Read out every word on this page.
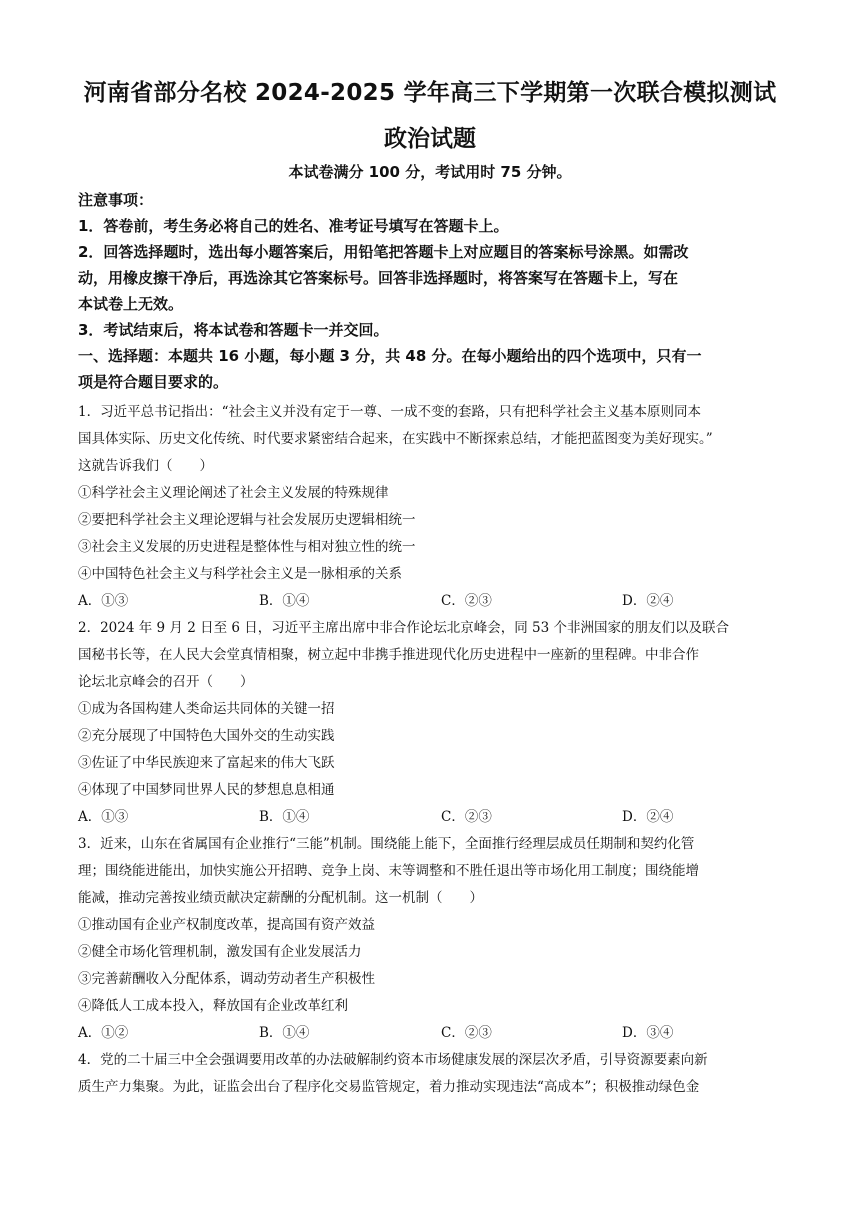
河南省部分名校 2024-2025 学年高三下学期第一次联合模拟测试
政治试题
本试卷满分 100 分，考试用时 75 分钟。
注意事项：
1．答卷前，考生务必将自己的姓名、准考证号填写在答题卡上。
2．回答选择题时，选出每小题答案后，用铅笔把答题卡上对应题目的答案标号涂黑。如需改
动，用橡皮擦干净后，再选涂其它答案标号。回答非选择题时，将答案写在答题卡上，写在
本试卷上无效。
3．考试结束后，将本试卷和答题卡一并交回。
一、选择题：本题共 16 小题，每小题 3 分，共 48 分。在每小题给出的四个选项中，只有一
项是符合题目要求的。
1．习近平总书记指出：“社会主义并没有定于一尊、一成不变的套路，只有把科学社会主义基本原则同本
国具体实际、历史文化传统、时代要求紧密结合起来，在实践中不断探索总结，才能把蓝图变为美好现实。”
这就告诉我们（　　）
①科学社会主义理论阐述了社会主义发展的特殊规律
②要把科学社会主义理论逻辑与社会发展历史逻辑相统一
③社会主义发展的历史进程是整体性与相对独立性的统一
④中国特色社会主义与科学社会主义是一脉相承的关系
A．①③	B．①④	C．②③	D．②④
2．2024 年 9 月 2 日至 6 日，习近平主席出席中非合作论坛北京峰会，同 53 个非洲国家的朋友们以及联合
国秘书长等，在人民大会堂真情相聚，树立起中非携手推进现代化历史进程中一座新的里程碑。中非合作
论坛北京峰会的召开（　　）
①成为各国构建人类命运共同体的关键一招
②充分展现了中国特色大国外交的生动实践
③佐证了中华民族迎来了富起来的伟大飞跃
④体现了中国梦同世界人民的梦想息息相通
A．①③	B．①④	C．②③	D．②④
3．近来，山东在省属国有企业推行“三能”机制。围绕能上能下，全面推行经理层成员任期制和契约化管
理；围绕能进能出，加快实施公开招聘、竞争上岗、末等调整和不胜任退出等市场化用工制度；围绕能增
能减，推动完善按业绩贡献决定薪酬的分配机制。这一机制（　　）
①推动国有企业产权制度改革，提高国有资产效益
②健全市场化管理机制，激发国有企业发展活力
③完善薪酬收入分配体系，调动劳动者生产积极性
④降低人工成本投入，释放国有企业改革红利
A．①②	B．①④	C．②③	D．③④
4．党的二十届三中全会强调要用改革的办法破解制约资本市场健康发展的深层次矛盾，引导资源要素向新
质生产力集聚。为此，证监会出台了程序化交易监管规定，着力推动实现违法“高成本”；积极推动绿色金
